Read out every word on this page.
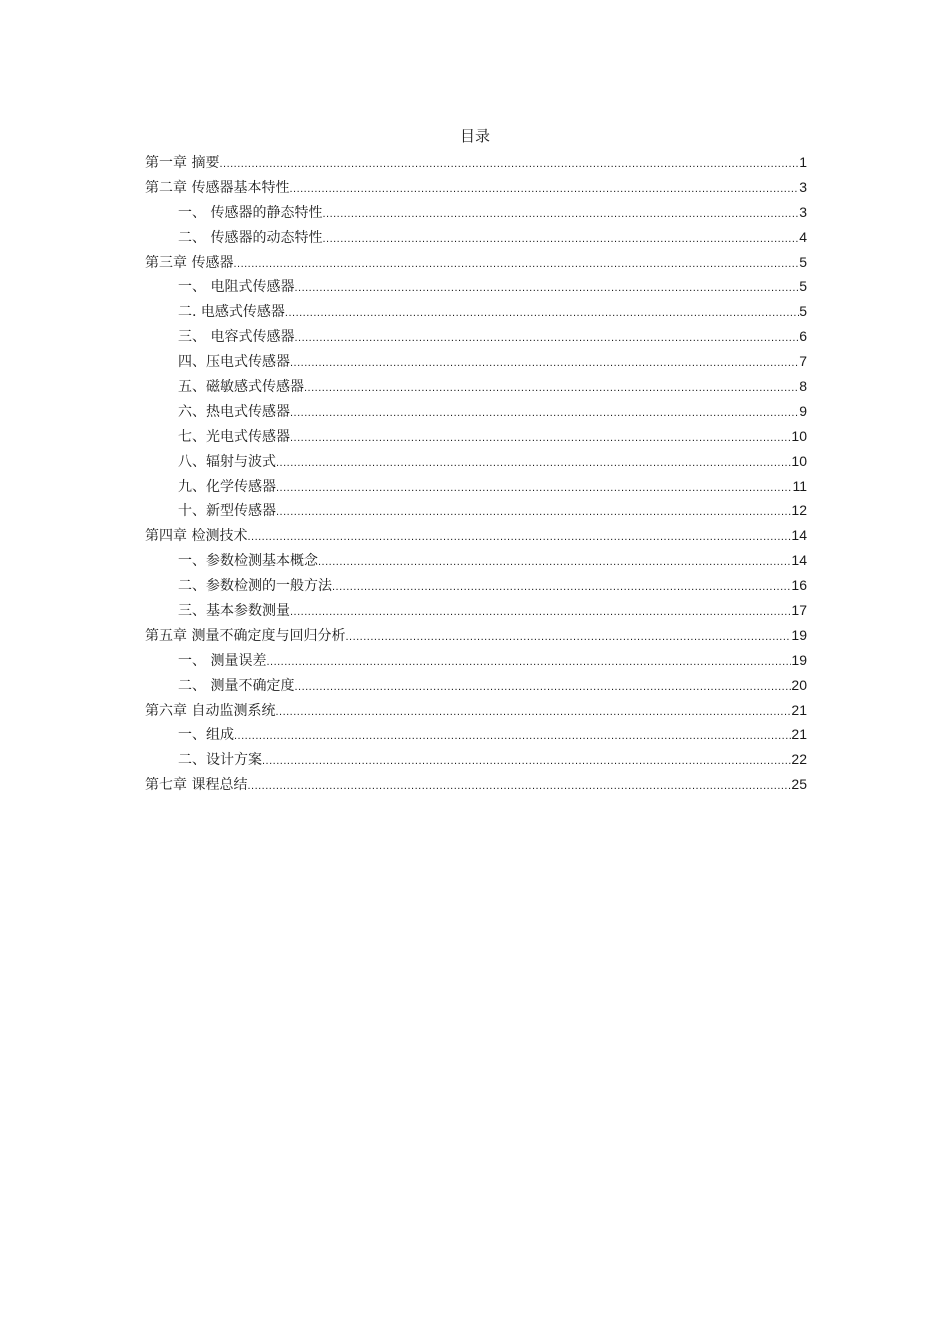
目录
第一章 摘要 .....	1
第二章 传感器基本特性 .....	3
一、 传感器的静态特性 .....	3
二、 传感器的动态特性 .....	4
第三章 传感器 .....	5
一、 电阻式传感器 .....	5
二. 电感式传感器 .....	5
三、 电容式传感器 .....	6
四、压电式传感器 .....	7
五、磁敏感式传感器 .....	8
六、热电式传感器 .....	9
七、光电式传感器 .....	10
八、辐射与波式 .....	10
九、化学传感器 .....	11
十、新型传感器 .....	12
第四章 检测技术 .....	14
一、参数检测基本概念 .....	14
二、参数检测的一般方法 .....	16
三、基本参数测量 .....	17
第五章 测量不确定度与回归分析 .....	19
一、 测量误差 .....	19
二、 测量不确定度 .....	20
第六章 自动监测系统 .....	21
一、组成 .....	21
二、设计方案 .....	22
第七章 课程总结 .....	25
